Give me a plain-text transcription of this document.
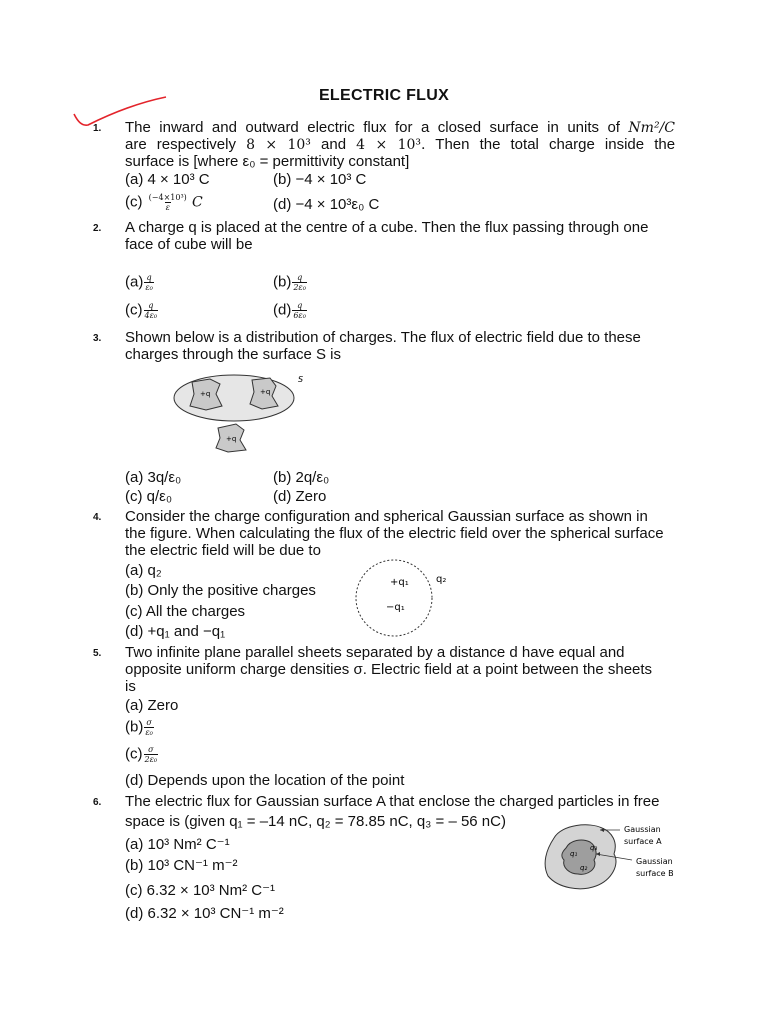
ELECTRIC FLUX
1. The inward and outward electric flux for a closed surface in units of Nm²/C
are respectively 8 × 10³ and 4 × 10³. Then the total charge inside the
surface is [where ε₀ = permittivity constant]
(a) 4 × 10³ C	(b) −4 × 10³ C
$(c) \frac{\text{(−4×10³)}}{\varepsilon}$ C	(d) −4 × 10³ε₀ C
2. A charge q is placed at the centre of a cube. Then the flux passing through one
face of cube will be
$(a) \frac{q}{\text{ε₀}}$	$(b) \frac{q}{\text{2ε₀}}$
$(c) \frac{q}{\text{4ε₀}}$	$(d) \frac{q}{\text{6ε₀}}$
3. Shown below is a distribution of charges. The flux of electric field due to these
charges through the surface S is
+q	+q
+q
S
(a) 3q/ε₀	(b) 2q/ε₀
(c) q/ε₀	(d) Zero
4. Consider the charge configuration and spherical Gaussian surface as shown in
the figure. When calculating the flux of the electric field over the spherical surface
the electric field will be due to
(a) q₂
(b) Only the positive charges
(c) All the charges
(d) +q₁ and −q₁
+q₁
−q₁
q₂
5. Two infinite plane parallel sheets separated by a distance d have equal and
opposite uniform charge densities σ. Electric field at a point between the sheets
is
(a) Zero
$(b) \frac{\sigma}{\text{ε₀}}$
$(c) \frac{\sigma}{\text{2ε₀}}$
(d) Depends upon the location of the point
6. The electric flux for Gaussian surface A that enclose the charged particles in free
space is (given q₁ = –14 nC, q₂ = 78.85 nC, q₃ = – 56 nC)
(a) 10³ Nm² C⁻¹
(b) 10³ CN⁻¹ m⁻²
(c) 6.32 × 10³ Nm² C⁻¹
(d) 6.32 × 10³ CN⁻¹ m⁻²
q₁
q₃
q₂
Gaussian
surface A
Gaussian
surface B
